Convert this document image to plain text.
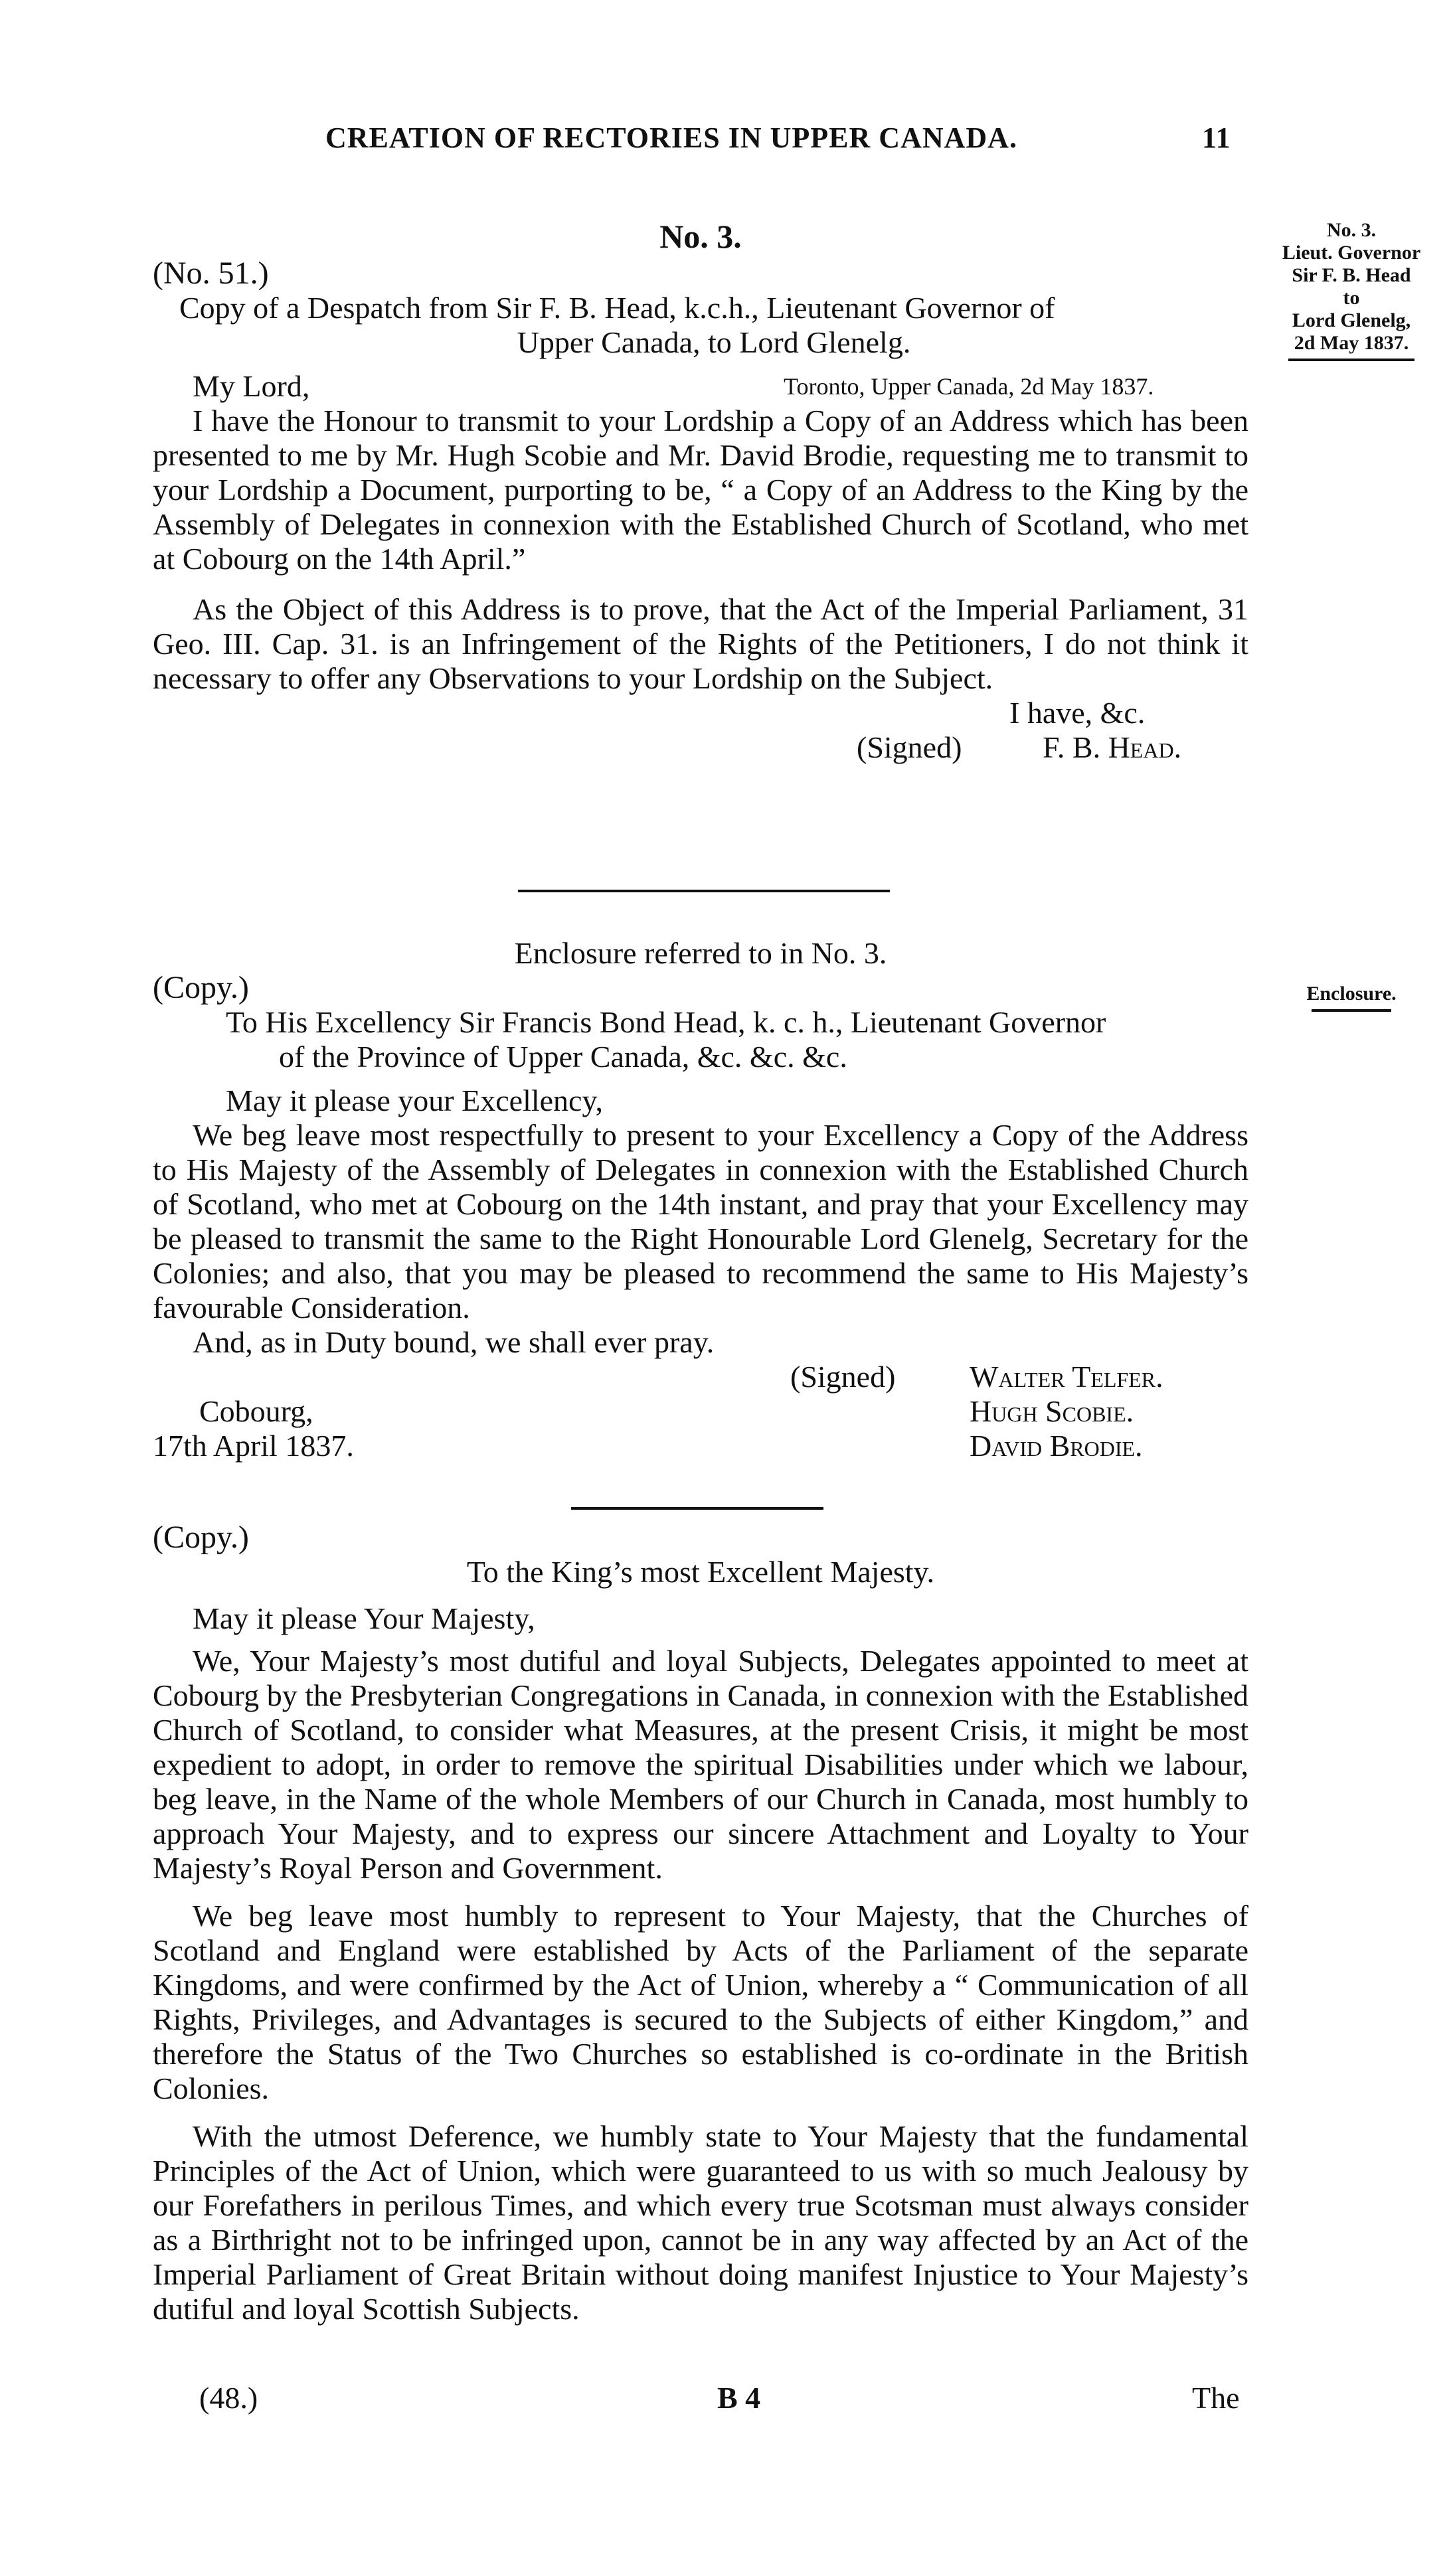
CREATION OF RECTORIES IN UPPER CANADA.	11

No. 3.

(No. 51.)

Copy of a Despatch from Sir F. B. Head, k.c.h., Lieutenant Governor of

Upper Canada, to Lord Glenelg.

My Lord,	Toronto, Upper Canada, 2d May 1837.

I have the Honour to transmit to your Lordship a Copy of an Address which has been presented to me by Mr. Hugh Scobie and Mr. David Brodie, requesting me to transmit to your Lordship a Document, purporting to be, “ a Copy of an Address to the King by the Assembly of Delegates in connexion with the Established Church of Scotland, who met at Cobourg on the 14th April.”

As the Object of this Address is to prove, that the Act of the Imperial Parliament, 31 Geo. III. Cap. 31. is an Infringement of the Rights of the Petitioners, I do not think it necessary to offer any Observations to your Lordship on the Subject.

I have, &c.

(Signed)	F. B. Head.
No. 3.
Lieut. Governor
Sir F. B. Head
to
Lord Glenelg,
2d May 1837.

Enclosure referred to in No. 3.

(Copy.)

To His Excellency Sir Francis Bond Head, k. c. h., Lieutenant Governor

of the Province of Upper Canada, &c. &c. &c.

May it please your Excellency,

We beg leave most respectfully to present to your Excellency a Copy of the Address to His Majesty of the Assembly of Delegates in connexion with the Established Church of Scotland, who met at Cobourg on the 14th instant, and pray that your Excellency may be pleased to transmit the same to the Right Honourable Lord Glenelg, Secretary for the Colonies; and also, that you may be pleased to recommend the same to His Majesty’s favourable Consideration.

And, as in Duty bound, we shall ever pray.

(Signed) Walter Telfer.
Cobourg,	Hugh Scobie.
17th April 1837.	David Brodie.
Enclosure.

(Copy.)

To the King’s most Excellent Majesty.

May it please Your Majesty,

We, Your Majesty’s most dutiful and loyal Subjects, Delegates appointed to meet at Cobourg by the Presbyterian Congregations in Canada, in connexion with the Established Church of Scotland, to consider what Measures, at the present Crisis, it might be most expedient to adopt, in order to remove the spiritual Disabilities under which we labour, beg leave, in the Name of the whole Members of our Church in Canada, most humbly to approach Your Majesty, and to express our sincere Attachment and Loyalty to Your Majesty’s Royal Person and Government.

We beg leave most humbly to represent to Your Majesty, that the Churches of Scotland and England were established by Acts of the Parliament of the separate Kingdoms, and were confirmed by the Act of Union, whereby a “ Communication of all Rights, Privileges, and Advantages is secured to the Subjects of either Kingdom,” and therefore the Status of the Two Churches so established is co-ordinate in the British Colonies.

With the utmost Deference, we humbly state to Your Majesty that the fundamental Principles of the Act of Union, which were guaranteed to us with so much Jealousy by our Forefathers in perilous Times, and which every true Scotsman must always consider as a Birthright not to be infringed upon, cannot be in any way affected by an Act of the Imperial Parliament of Great Britain without doing manifest Injustice to Your Majesty’s dutiful and loyal Scottish Subjects.

(48.)	B 4	The
